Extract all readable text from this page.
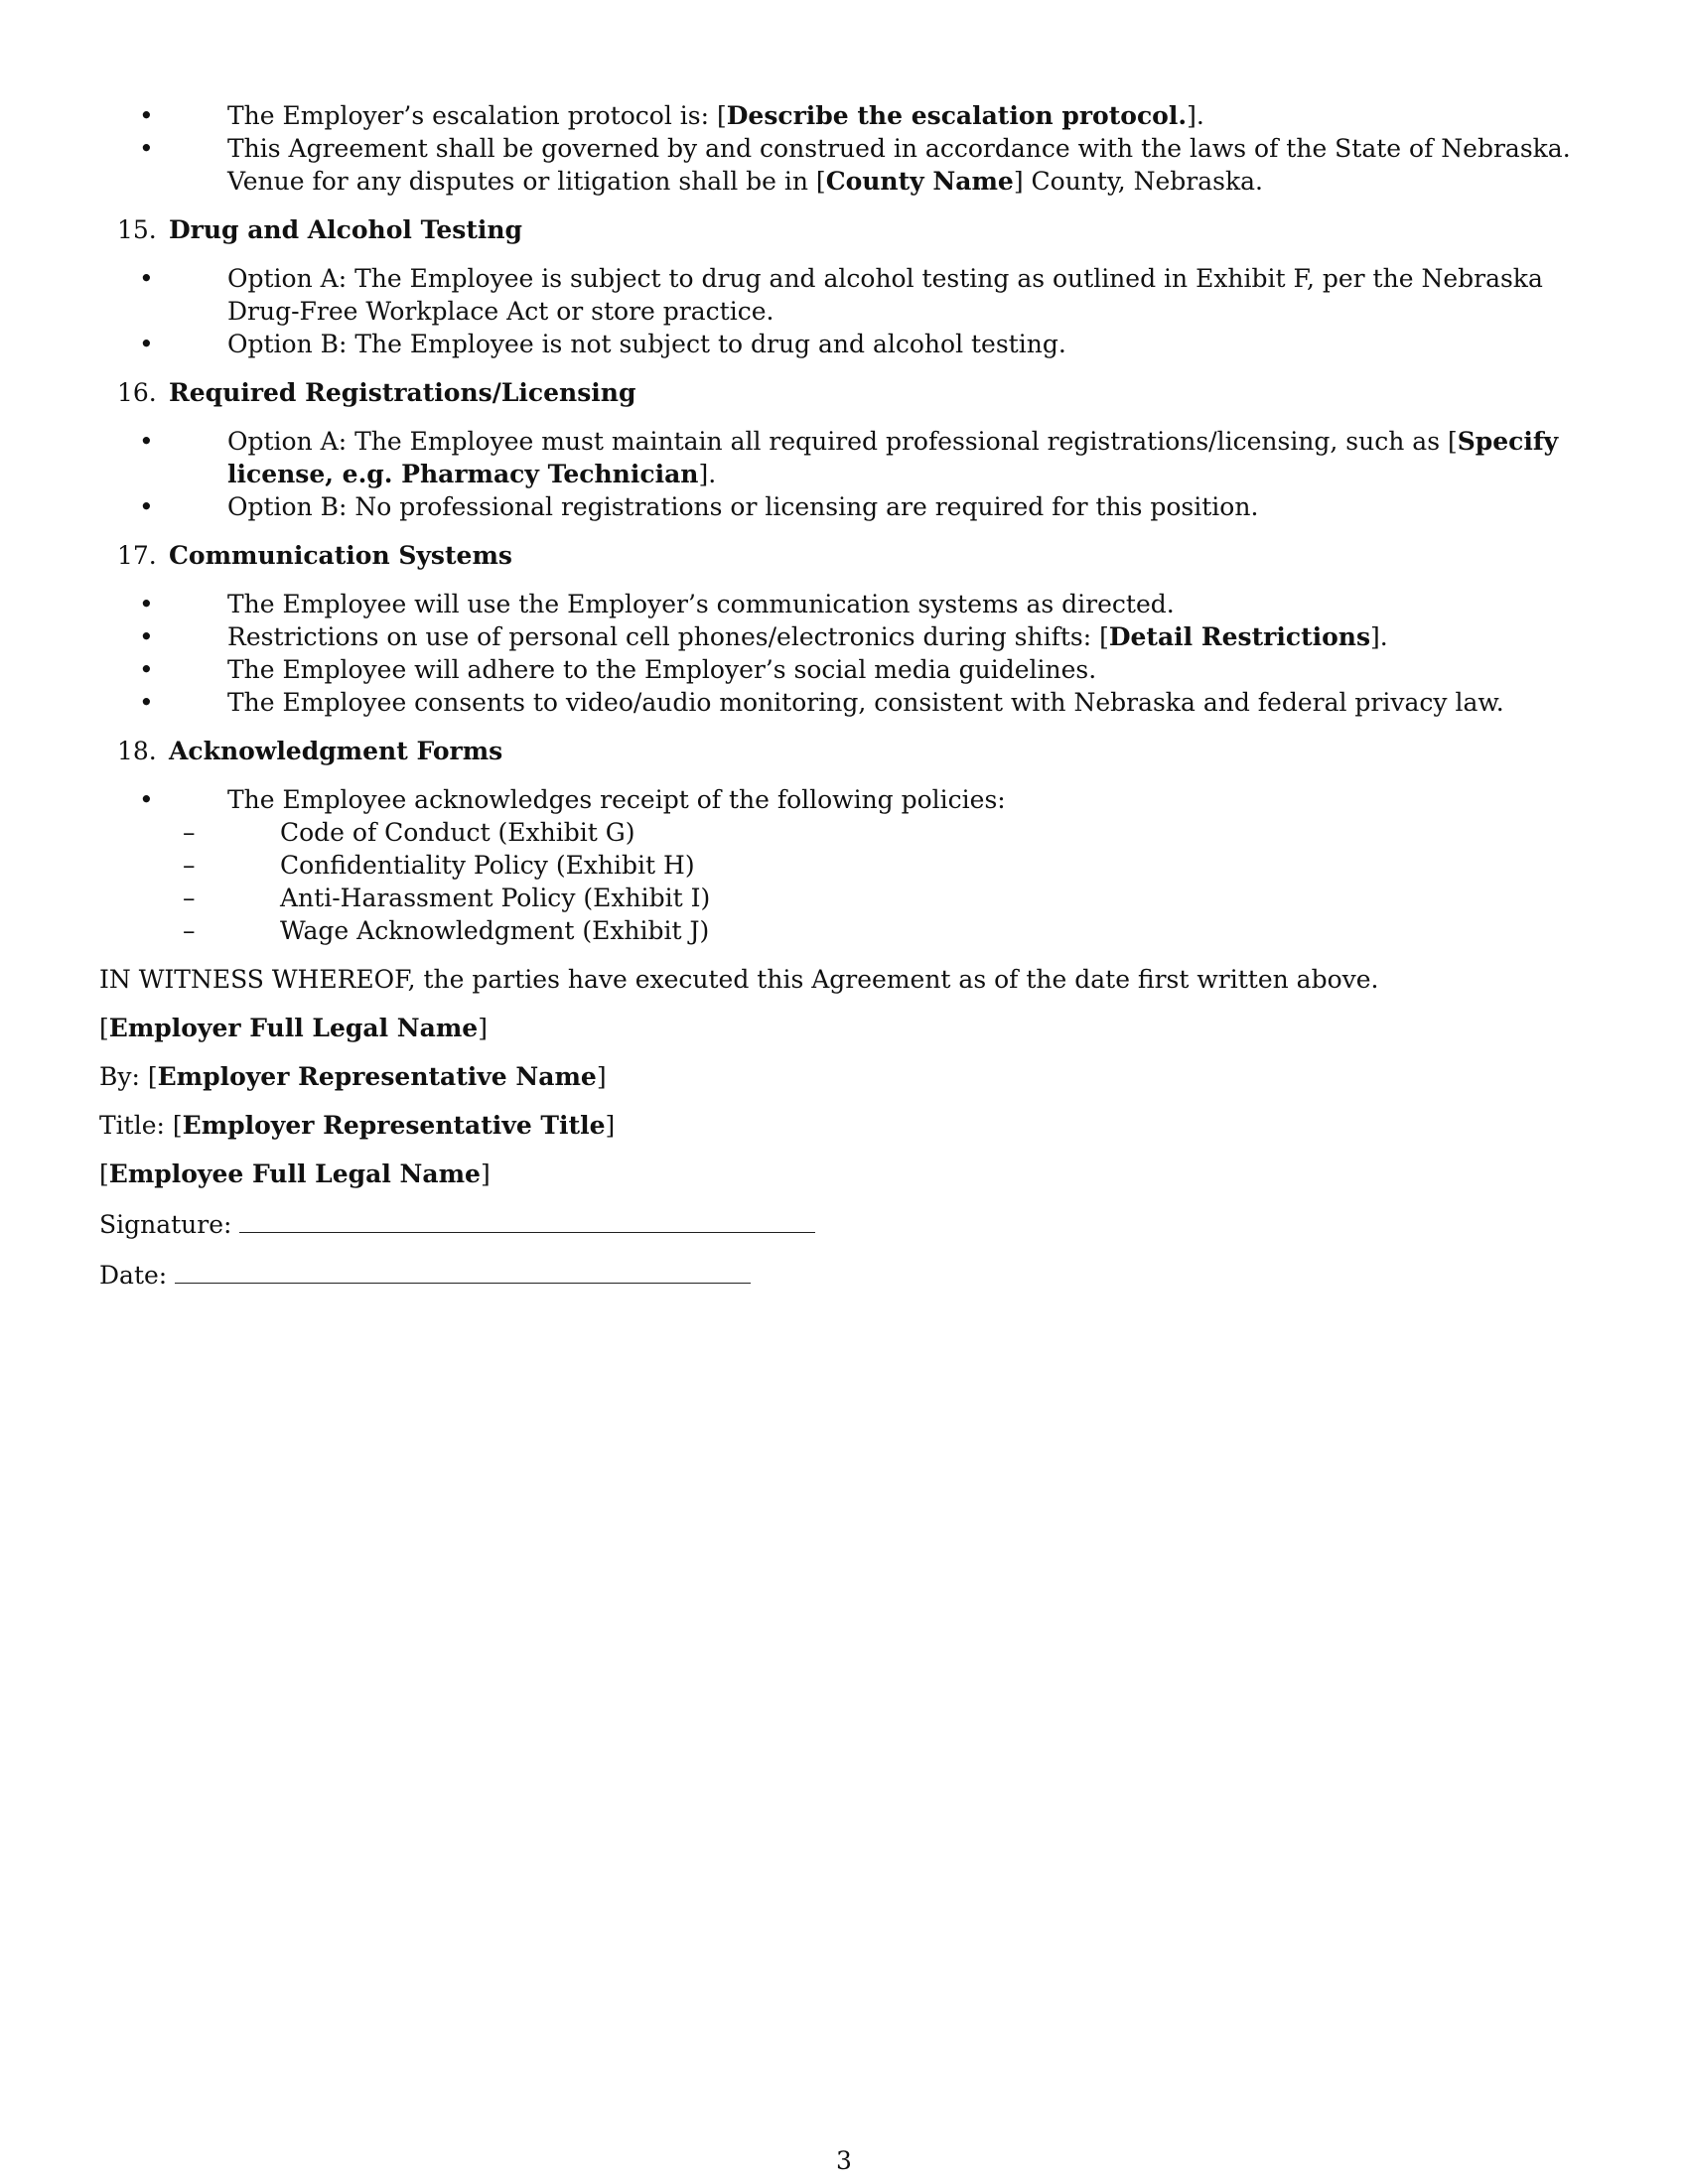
• The Employer’s escalation protocol is: [Describe the escalation protocol.].
• This Agreement shall be governed by and construed in accordance with the laws of the State of Nebraska. Venue for any disputes or litigation shall be in [County Name] County, Nebraska.
15. Drug and Alcohol Testing
• Option A: The Employee is subject to drug and alcohol testing as outlined in Exhibit F, per the Nebraska Drug-Free Workplace Act or store practice.
• Option B: The Employee is not subject to drug and alcohol testing.
16. Required Registrations/Licensing
• Option A: The Employee must maintain all required professional registrations/licensing, such as [Specify license, e.g. Pharmacy Technician].
• Option B: No professional registrations or licensing are required for this position.
17. Communication Systems
• The Employee will use the Employer’s communication systems as directed.
• Restrictions on use of personal cell phones/electronics during shifts: [Detail Restrictions].
• The Employee will adhere to the Employer’s social media guidelines.
• The Employee consents to video/audio monitoring, consistent with Nebraska and federal privacy law.
18. Acknowledgment Forms
• The Employee acknowledges receipt of the following policies:
– Code of Conduct (Exhibit G)
– Confidentiality Policy (Exhibit H)
– Anti-Harassment Policy (Exhibit I)
– Wage Acknowledgment (Exhibit J)
IN WITNESS WHEREOF, the parties have executed this Agreement as of the date first written above.
[Employer Full Legal Name]
By: [Employer Representative Name]
Title: [Employer Representative Title]
[Employee Full Legal Name]
Signature:
Date:
3
